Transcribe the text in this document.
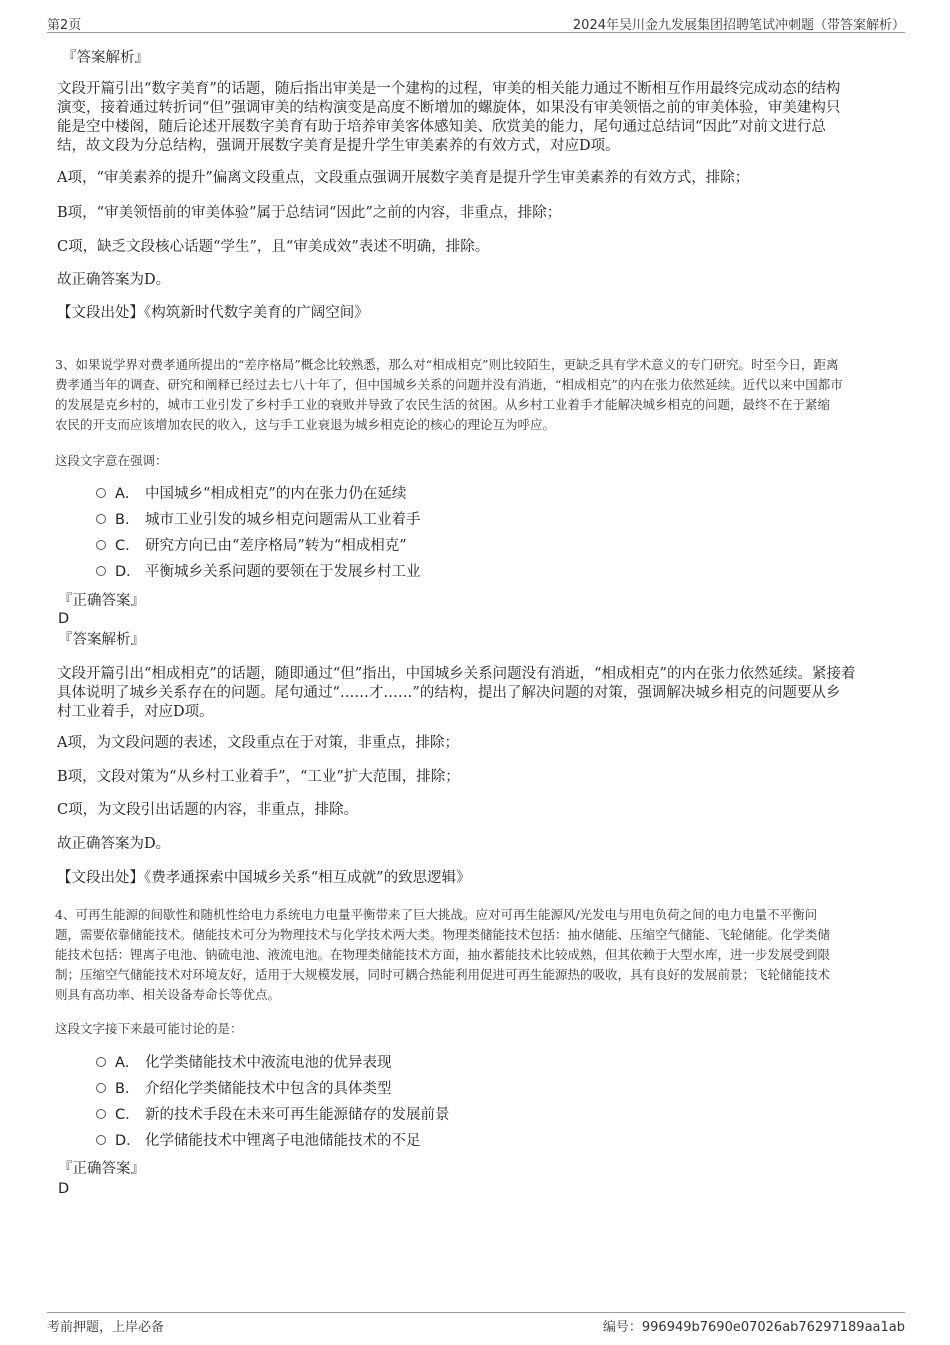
第2页	2024年吴川金九发展集团招聘笔试冲刺题（带答案解析）
『答案解析』
文段开篇引出“数字美育”的话题，随后指出审美是一个建构的过程，审美的相关能力通过不断相互作用最终完成动态的结构
演变，接着通过转折词“但”强调审美的结构演变是高度不断增加的螺旋体，如果没有审美领悟之前的审美体验，审美建构只
能是空中楼阁，随后论述开展数字美育有助于培养审美客体感知美、欣赏美的能力，尾句通过总结词“因此”对前文进行总
结，故文段为分总结构，强调开展数字美育是提升学生审美素养的有效方式，对应D项。
A项，“审美素养的提升”偏离文段重点，文段重点强调开展数字美育是提升学生审美素养的有效方式，排除；
B项，“审美领悟前的审美体验”属于总结词“因此”之前的内容，非重点，排除；
C项，缺乏文段核心话题“学生”，且“审美成效”表述不明确，排除。
故正确答案为D。
【文段出处】《构筑新时代数字美育的广阔空间》
3、如果说学界对费孝通所提出的“差序格局”概念比较熟悉，那么对“相成相克”则比较陌生，更缺乏具有学术意义的专门研究。时至今日，距离
费孝通当年的调查、研究和阐释已经过去七八十年了，但中国城乡关系的问题并没有消逝，“相成相克”的内在张力依然延续。近代以来中国都市
的发展是克乡村的，城市工业引发了乡村手工业的衰败并导致了农民生活的贫困。从乡村工业着手才能解决城乡相克的问题，最终不在于紧缩
农民的开支而应该增加农民的收入，这与手工业衰退为城乡相克论的核心的理论互为呼应。
这段文字意在强调：
A． 中国城乡“相成相克”的内在张力仍在延续
B． 城市工业引发的城乡相克问题需从工业着手
C． 研究方向已由“差序格局”转为“相成相克”
D． 平衡城乡关系问题的要领在于发展乡村工业
『正确答案』
D
『答案解析』
文段开篇引出“相成相克”的话题，随即通过“但”指出，中国城乡关系问题没有消逝，“相成相克”的内在张力依然延续。紧接着
具体说明了城乡关系存在的问题。尾句通过“……才……”的结构，提出了解决问题的对策，强调解决城乡相克的问题要从乡
村工业着手，对应D项。
A项，为文段问题的表述，文段重点在于对策，非重点，排除；
B项，文段对策为“从乡村工业着手”，“工业”扩大范围，排除；
C项，为文段引出话题的内容，非重点，排除。
故正确答案为D。
【文段出处】《费孝通探索中国城乡关系“相互成就”的致思逻辑》
4、可再生能源的间歇性和随机性给电力系统电力电量平衡带来了巨大挑战。应对可再生能源风/光发电与用电负荷之间的电力电量不平衡问
题，需要依靠储能技术。储能技术可分为物理技术与化学技术两大类。物理类储能技术包括：抽水储能、压缩空气储能、飞轮储能。化学类储
能技术包括：锂离子电池、钠硫电池、液流电池。在物理类储能技术方面，抽水蓄能技术比较成熟，但其依赖于大型水库，进一步发展受到限
制；压缩空气储能技术对环境友好，适用于大规模发展，同时可耦合热能利用促进可再生能源热的吸收，具有良好的发展前景；飞轮储能技术
则具有高功率、相关设备寿命长等优点。
这段文字接下来最可能讨论的是：
A． 化学类储能技术中液流电池的优异表现
B． 介绍化学类储能技术中包含的具体类型
C． 新的技术手段在未来可再生能源储存的发展前景
D． 化学储能技术中锂离子电池储能技术的不足
『正确答案』
D
考前押题，上岸必备	编号：996949b7690e07026ab76297189aa1ab
